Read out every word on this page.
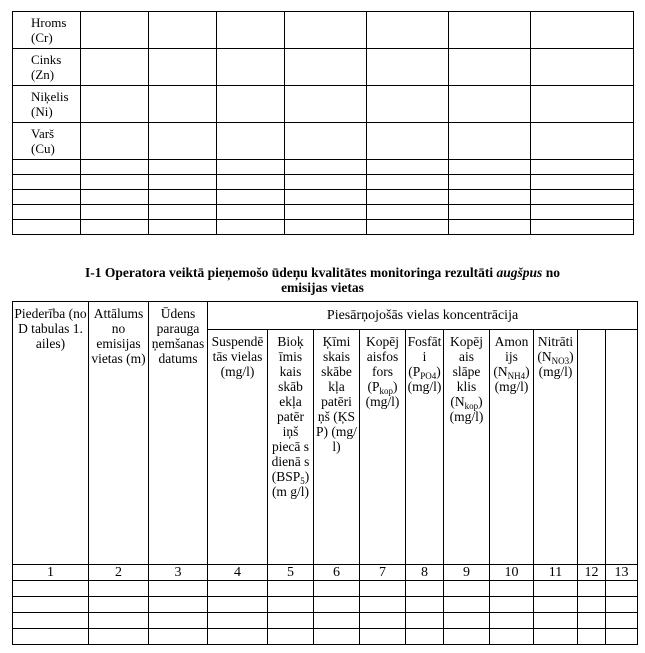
Hroms
(Cr)							
Cinks
(Zn)							
Niķelis
(Ni)							
Varš
(Cu)							

I-1 Operatora veiktā pieņemošo ūdeņu kvalitātes monitoringa rezultāti augšpus no
emisijas vietas
Piederība (no D tabulas 1. ailes)	Attālums no emisijas vietas (m)	Ūdens parauga ņemšanas datums	Piesārņojošās vielas koncentrācija									
			Suspendē tās vielas (mg/l)	Bioķ īmis kais skāb ekļa patēr iņš piecā s dienā s $(BSP_5)(m$ g/l)	Ķīmi skais skābe kļa patēri ņš (ĶS P) (mg/ l)	Kopēj aisfos fors $(P_{kop})$ (mg/l)	Fosfāt i $(P_{PO4})$ (mg/l)	Kopēj ais slāpe klis $(N_{kop})$ (mg/l)	Amon ijs $(N_{NH4})$ (mg/l)	Nitrāti $(N_{NO3})$ (mg/l)		
1	2	3	4	5	6	7	8	9	10	11	12	13
